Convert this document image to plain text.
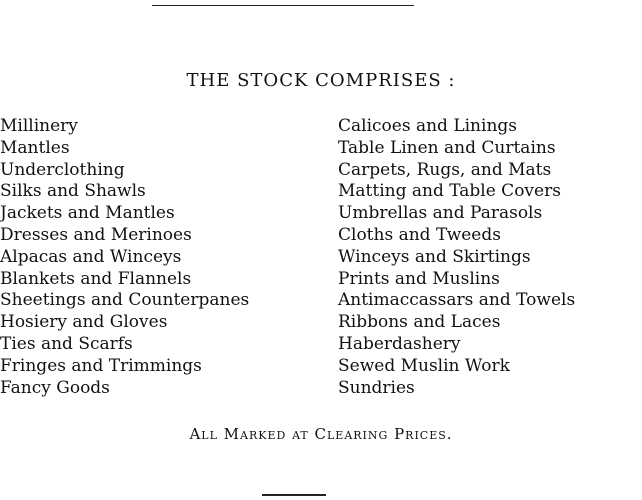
THE STOCK COMPRISES :
Millinery
Mantles
Underclothing
Silks and Shawls
Jackets and Mantles
Dresses and Merinoes
Alpacas and Winceys
Blankets and Flannels
Sheetings and Counterpanes
Hosiery and Gloves
Ties and Scarfs
Fringes and Trimmings
Fancy Goods
Calicoes and Linings
Table Linen and Curtains
Carpets, Rugs, and Mats
Matting and Table Covers
Umbrellas and Parasols
Cloths and Tweeds
Winceys and Skirtings
Prints and Muslins
Antimaccassars and Towels
Ribbons and Laces
Haberdashery
Sewed Muslin Work
Sundries
All Marked at Clearing Prices.
